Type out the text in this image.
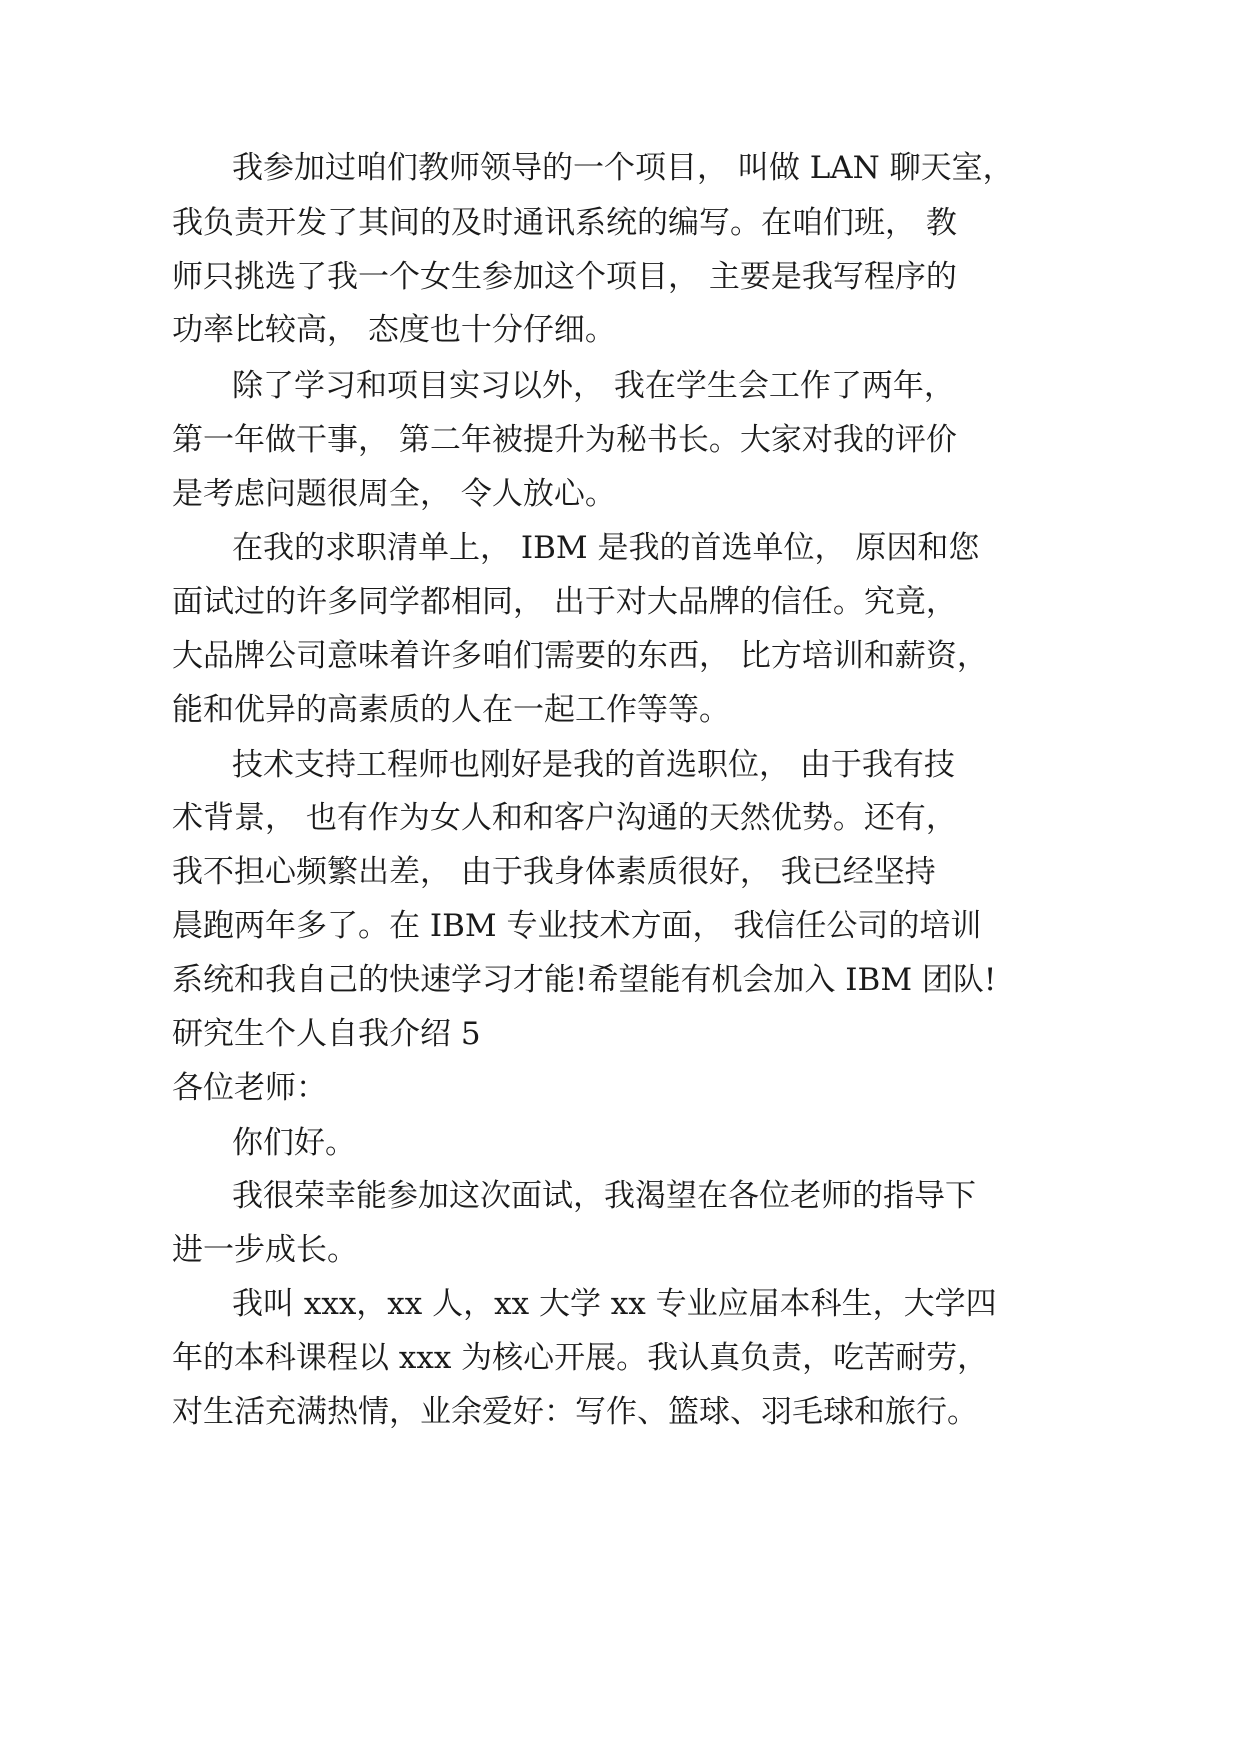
我参加过咱们教师领导的一个项目， 叫做 LAN 聊天室，
我负责开发了其间的及时通讯系统的编写。在咱们班， 教
师只挑选了我一个女生参加这个项目， 主要是我写程序的
功率比较高， 态度也十分仔细。
除了学习和项目实习以外， 我在学生会工作了两年，
第一年做干事， 第二年被提升为秘书长。大家对我的评价
是考虑问题很周全， 令人放心。
在我的求职清单上， IBM 是我的首选单位， 原因和您
面试过的许多同学都相同， 出于对大品牌的信任。究竟，
大品牌公司意味着许多咱们需要的东西， 比方培训和薪资，
能和优异的高素质的人在一起工作等等。
技术支持工程师也刚好是我的首选职位， 由于我有技
术背景， 也有作为女人和和客户沟通的天然优势。还有，
我不担心频繁出差， 由于我身体素质很好， 我已经坚持
晨跑两年多了。在 IBM 专业技术方面， 我信任公司的培训
系统和我自己的快速学习才能!希望能有机会加入 IBM 团队!
研究生个人自我介绍 5
各位老师：
你们好。
我很荣幸能参加这次面试，我渴望在各位老师的指导下
进一步成长。
我叫 xxx，xx 人，xx 大学 xx 专业应届本科生，大学四
年的本科课程以 xxx 为核心开展。我认真负责，吃苦耐劳，
对生活充满热情，业余爱好：写作、篮球、羽毛球和旅行。
